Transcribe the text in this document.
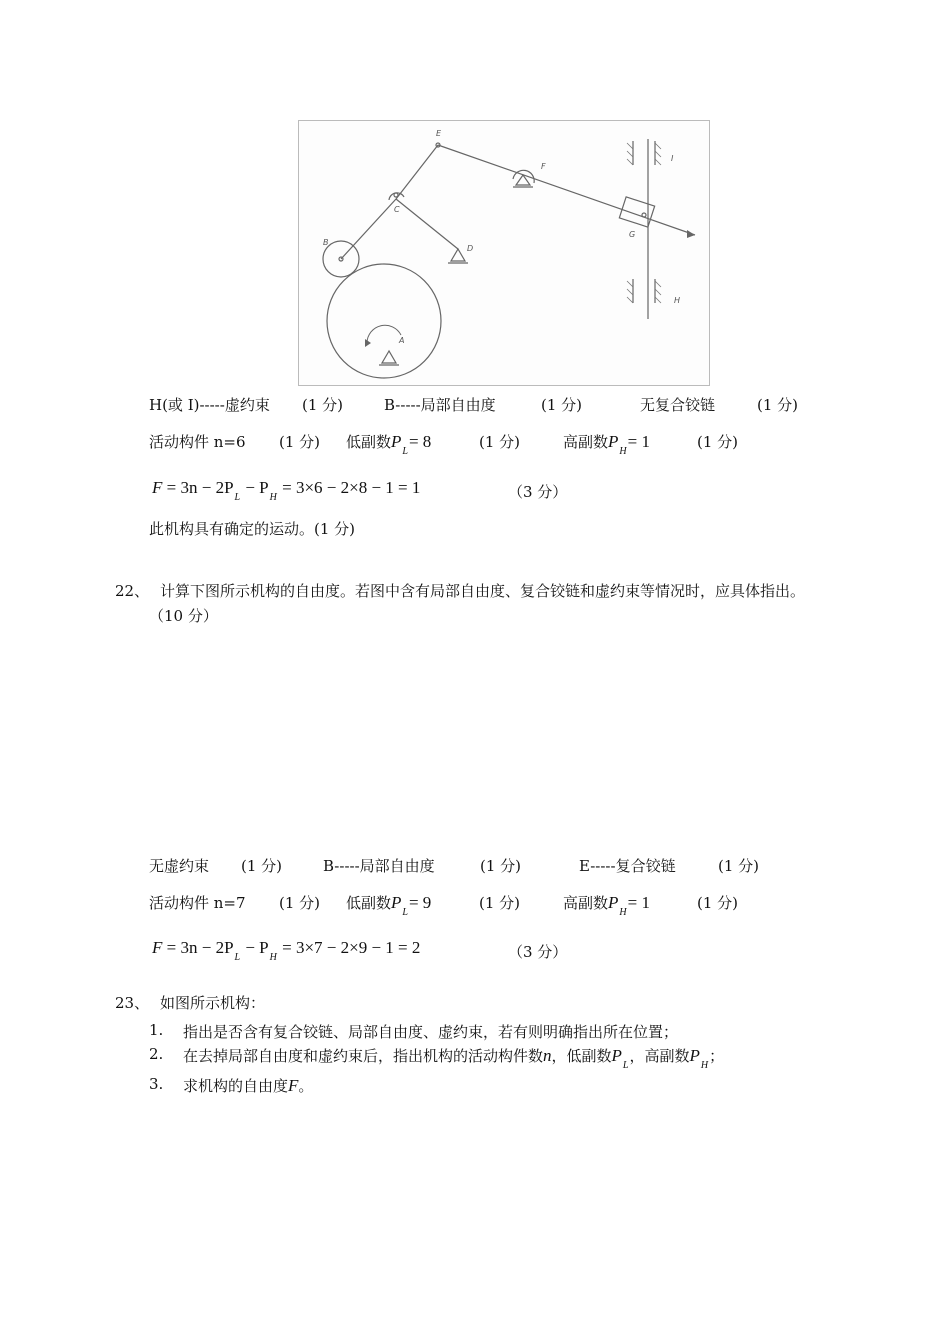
B
C
D
E
F
G
H
I
A
H(或 I)-----虚约束 (1 分)	B-----局部自由度	(1 分)	无复合铰链	(1 分)
活动构件 n=6 (1 分) 低副数$P_L= 8$	(1 分)	高副数$P_H= 1$	(1 分)
$F = 3n - 2P_L - P_H = 3\times 6 - 2\times 8 - 1 = 1$	（3 分）
此机构具有确定的运动。(1 分)
22、 计算下图所示机构的自由度。若图中含有局部自由度、复合铰链和虚约束等情况时，应具体指出。
（10 分）
无虚约束 (1 分)	B-----局部自由度	(1 分)	E-----复合铰链	(1 分)
活动构件 n=7 (1 分) 低副数$P_L= 9$	(1 分)	高副数$P_H= 1$	(1 分)
$F = 3n - 2P_L - P_H = 3\times 7 - 2\times 9 - 1 = 2$	（3 分）
23、 如图所示机构：
1. 指出是否含有复合铰链、局部自由度、虚约束，若有则明确指出所在位置；
2. 在去掉局部自由度和虚约束后，指出机构的活动构件数n，低副数$P_L$，高副数$P_H$；
3. 求机构的自由度F。
